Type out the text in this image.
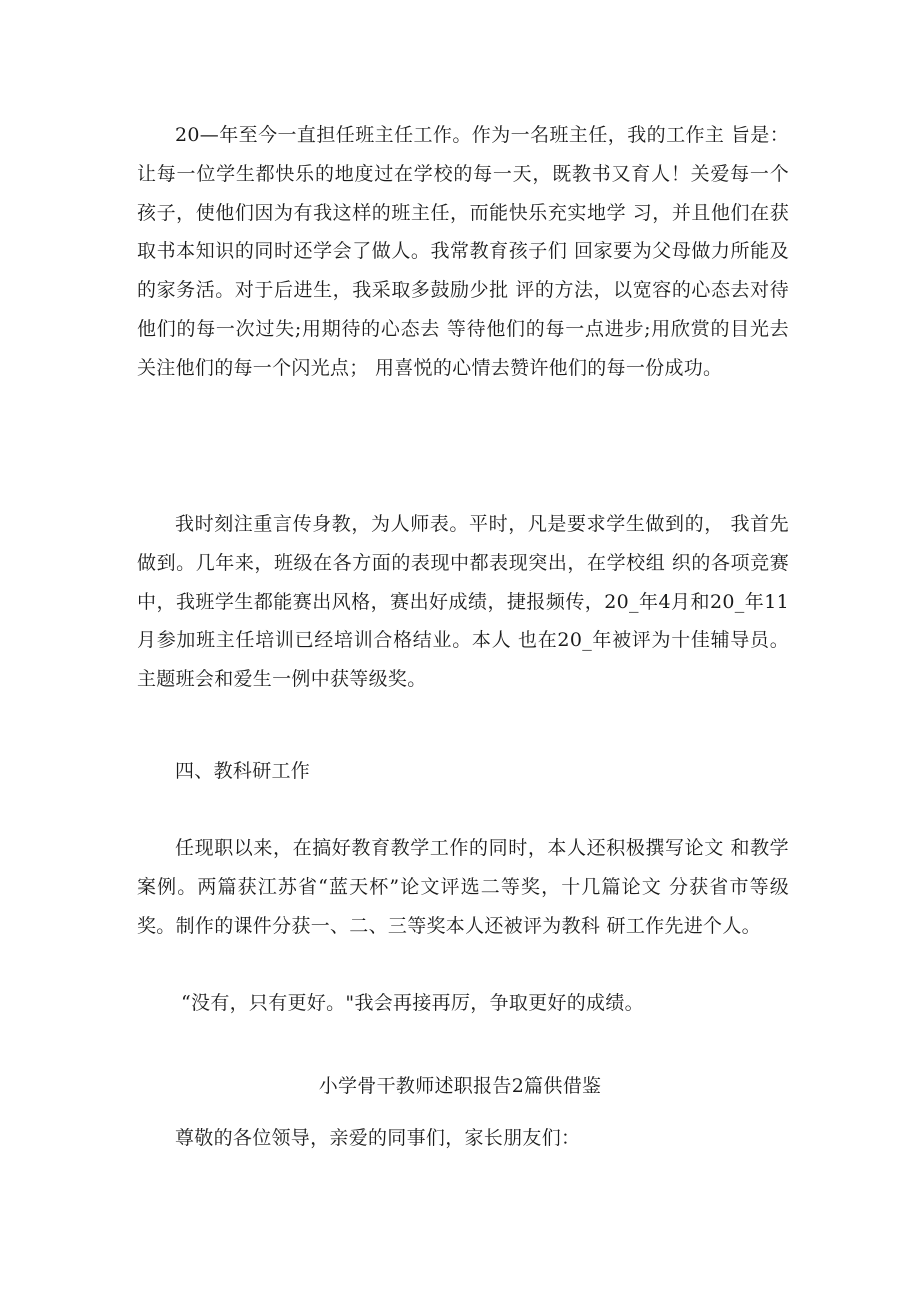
20—年至今一直担任班主任工作。作为一名班主任，我的工作主 旨是：让每一位学生都快乐的地度过在学校的每一天，既教书又育人！关爱每一个孩子，使他们因为有我这样的班主任，而能快乐充实地学 习，并且他们在获取书本知识的同时还学会了做人。我常教育孩子们 回家要为父母做力所能及的家务活。对于后进生，我采取多鼓励少批 评的方法，以宽容的心态去对待他们的每一次过失;用期待的心态去 等待他们的每一点进步;用欣赏的目光去关注他们的每一个闪光点； 用喜悦的心情去赞许他们的每一份成功。

我时刻注重言传身教，为人师表。平时，凡是要求学生做到的， 我首先做到。几年来，班级在各方面的表现中都表现突出，在学校组 织的各项竞赛中，我班学生都能赛出风格，赛出好成绩，捷报频传，20_年4月和20_年11月参加班主任培训已经培训合格结业。本人 也在20_年被评为十佳辅导员。主题班会和爱生一例中获等级奖。

四、教科研工作

任现职以来，在搞好教育教学工作的同时，本人还积极撰写论文 和教学案例。两篇获江苏省“蓝天杯”论文评选二等奖，十几篇论文 分获省市等级奖。制作的课件分获一、二、三等奖本人还被评为教科 研工作先进个人。

“没有，只有更好。"我会再接再厉，争取更好的成绩。

小学骨干教师述职报告2篇供借鉴

尊敬的各位领导，亲爱的同事们，家长朋友们：
